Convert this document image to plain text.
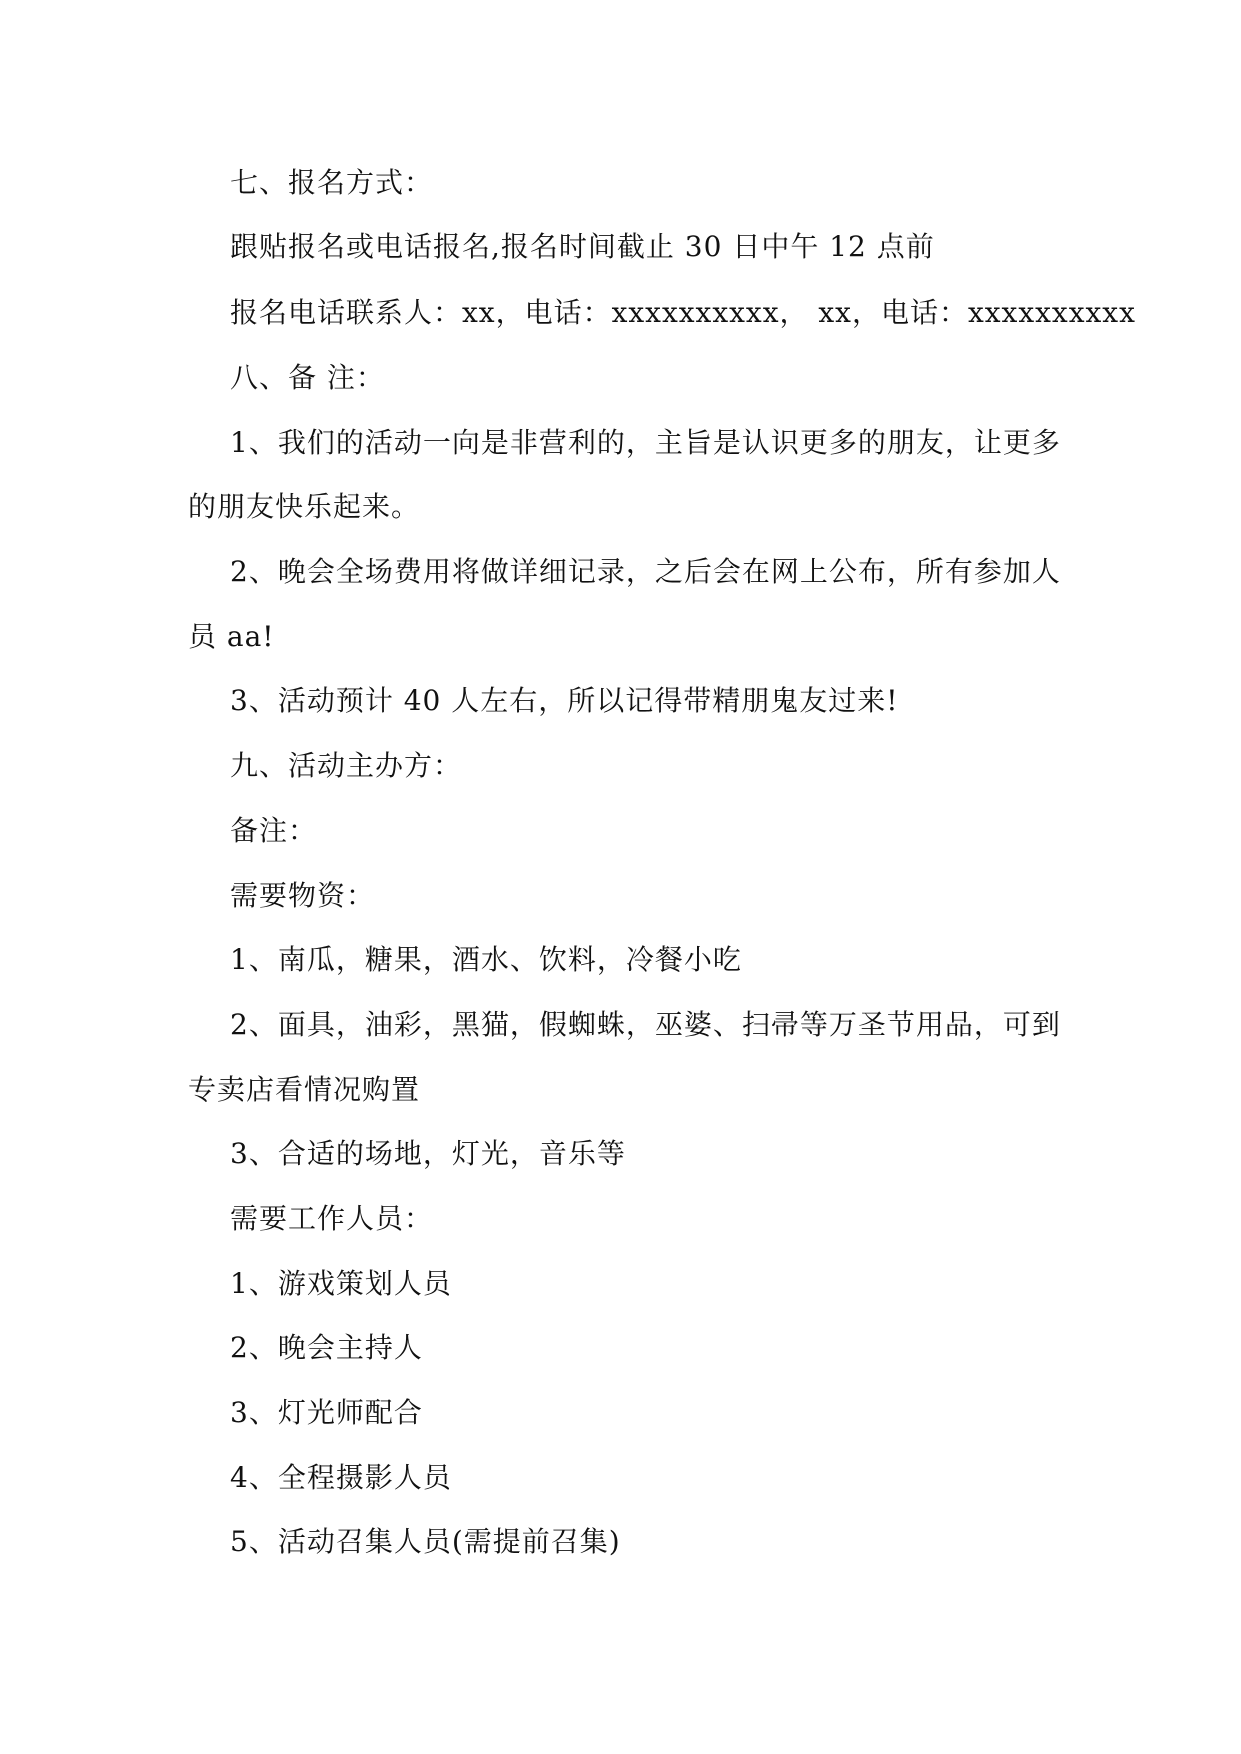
七、报名方式：
跟贴报名或电话报名,报名时间截止 30 日中午 12 点前
报名电话联系人：xx，电话：xxxxxxxxxx， xx，电话：xxxxxxxxxx
八、备 注：
1、我们的活动一向是非营利的，主旨是认识更多的朋友，让更多
的朋友快乐起来。
2、晚会全场费用将做详细记录，之后会在网上公布，所有参加人
员 aa!
3、活动预计 40 人左右，所以记得带精朋鬼友过来!
九、活动主办方：
备注：
需要物资：
1、南瓜，糖果，酒水、饮料，冷餐小吃
2、面具，油彩，黑猫，假蜘蛛，巫婆、扫帚等万圣节用品，可到
专卖店看情况购置
3、合适的场地，灯光，音乐等
需要工作人员：
1、游戏策划人员
2、晚会主持人
3、灯光师配合
4、全程摄影人员
5、活动召集人员(需提前召集)
